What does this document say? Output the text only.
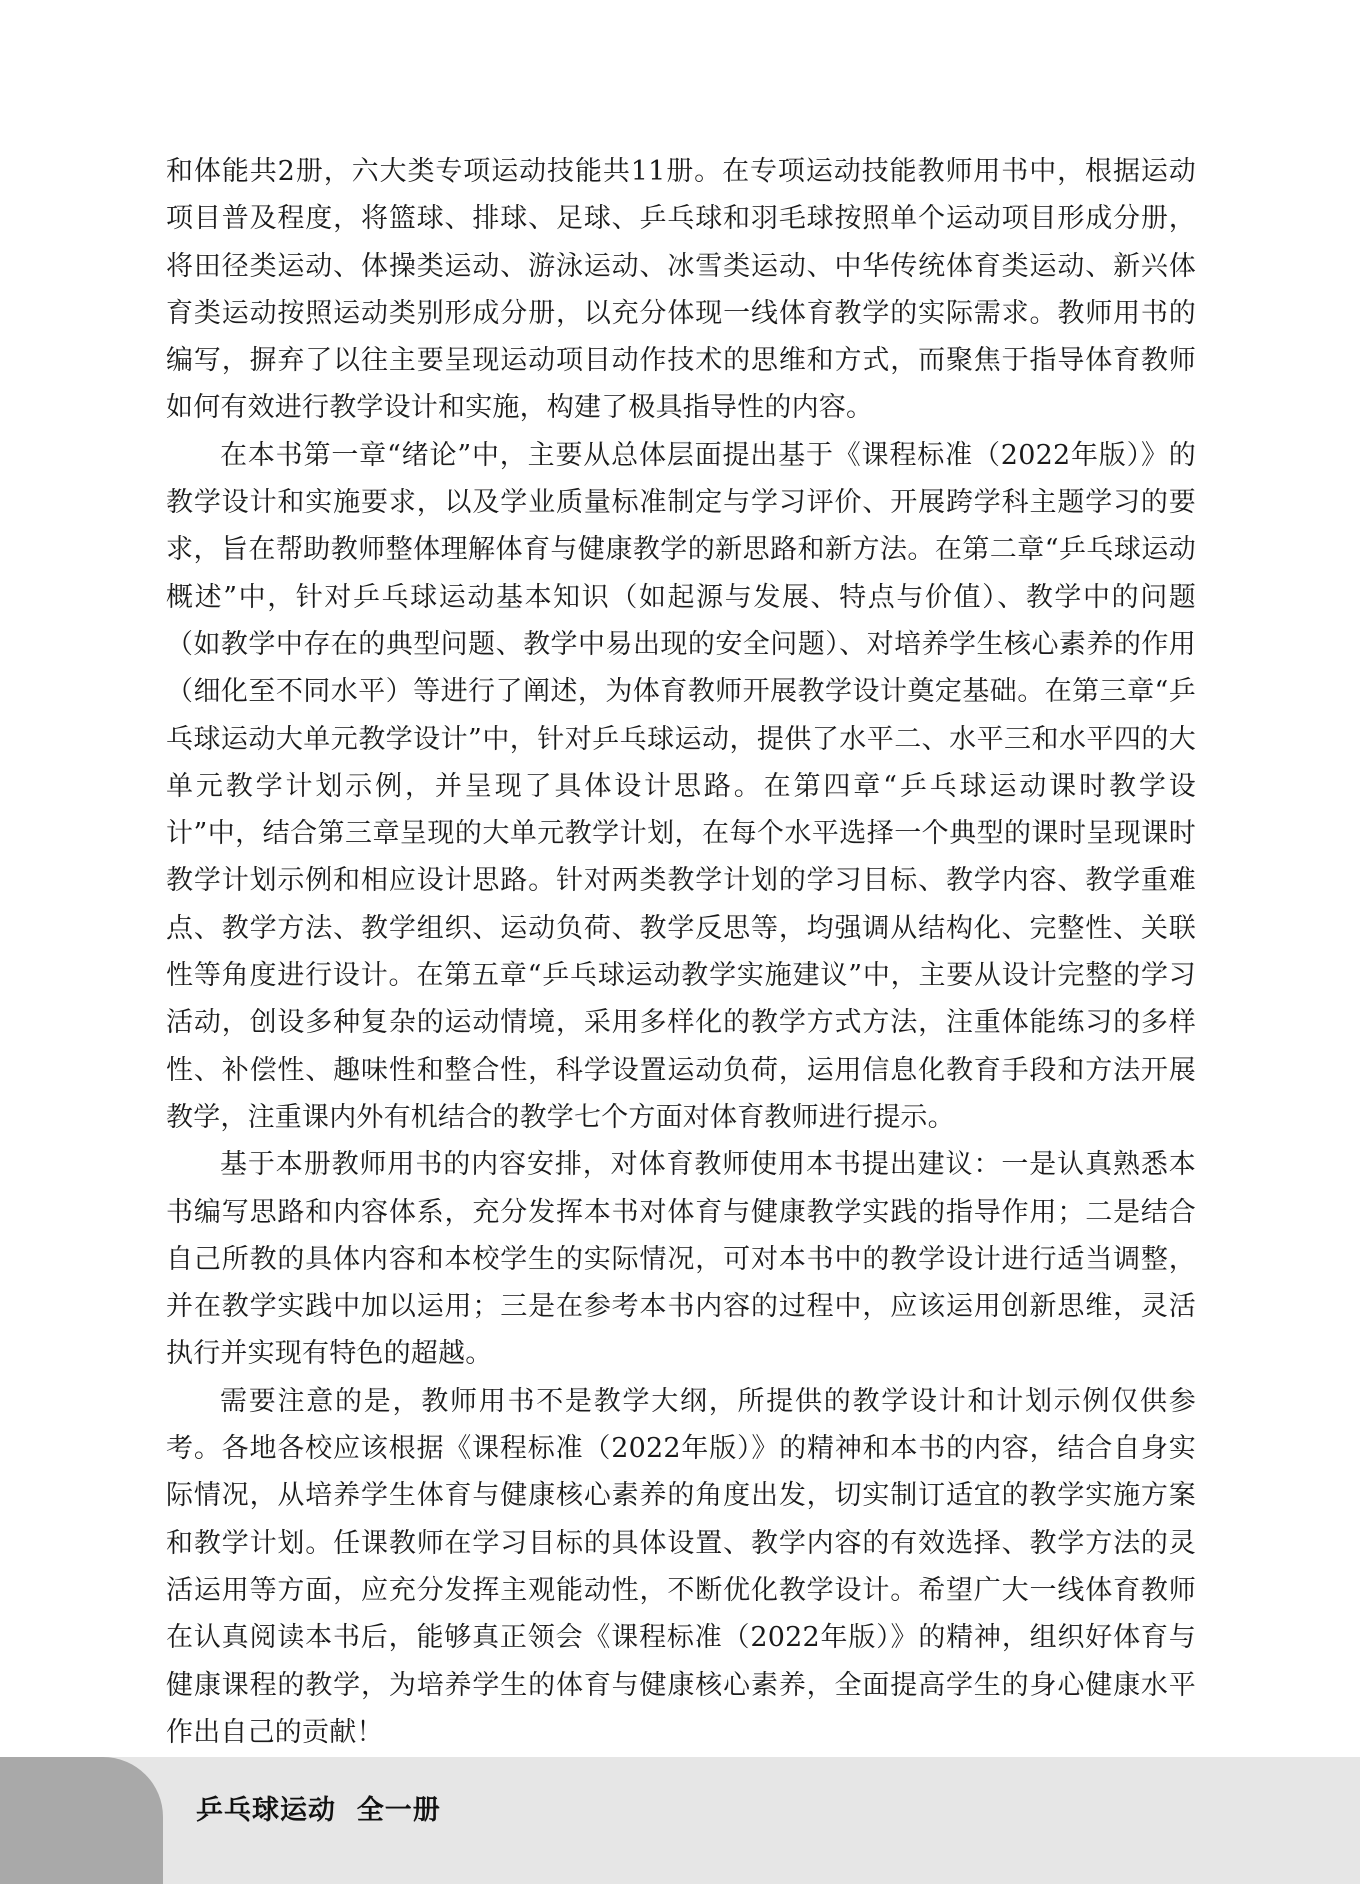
和体能共2册，六大类专项运动技能共11册。在专项运动技能教师用书中，根据运动项目普及程度，将篮球、排球、足球、乒乓球和羽毛球按照单个运动项目形成分册，将田径类运动、体操类运动、游泳运动、冰雪类运动、中华传统体育类运动、新兴体育类运动按照运动类别形成分册，以充分体现一线体育教学的实际需求。教师用书的编写，摒弃了以往主要呈现运动项目动作技术的思维和方式，而聚焦于指导体育教师如何有效进行教学设计和实施，构建了极具指导性的内容。

在本书第一章“绪论”中，主要从总体层面提出基于《课程标准（2022年版）》的教学设计和实施要求，以及学业质量标准制定与学习评价、开展跨学科主题学习的要求，旨在帮助教师整体理解体育与健康教学的新思路和新方法。在第二章“乒乓球运动概述”中，针对乒乓球运动基本知识（如起源与发展、特点与价值）、教学中的问题（如教学中存在的典型问题、教学中易出现的安全问题）、对培养学生核心素养的作用（细化至不同水平）等进行了阐述，为体育教师开展教学设计奠定基础。在第三章“乒乓球运动大单元教学设计”中，针对乒乓球运动，提供了水平二、水平三和水平四的大单元教学计划示例，并呈现了具体设计思路。在第四章“乒乓球运动课时教学设计”中，结合第三章呈现的大单元教学计划，在每个水平选择一个典型的课时呈现课时教学计划示例和相应设计思路。针对两类教学计划的学习目标、教学内容、教学重难点、教学方法、教学组织、运动负荷、教学反思等，均强调从结构化、完整性、关联性等角度进行设计。在第五章“乒乓球运动教学实施建议”中，主要从设计完整的学习活动，创设多种复杂的运动情境，采用多样化的教学方式方法，注重体能练习的多样性、补偿性、趣味性和整合性，科学设置运动负荷，运用信息化教育手段和方法开展教学，注重课内外有机结合的教学七个方面对体育教师进行提示。

基于本册教师用书的内容安排，对体育教师使用本书提出建议：一是认真熟悉本书编写思路和内容体系，充分发挥本书对体育与健康教学实践的指导作用；二是结合自己所教的具体内容和本校学生的实际情况，可对本书中的教学设计进行适当调整，并在教学实践中加以运用；三是在参考本书内容的过程中，应该运用创新思维，灵活执行并实现有特色的超越。

需要注意的是，教师用书不是教学大纲，所提供的教学设计和计划示例仅供参考。各地各校应该根据《课程标准（2022年版）》的精神和本书的内容，结合自身实际情况，从培养学生体育与健康核心素养的角度出发，切实制订适宜的教学实施方案和教学计划。任课教师在学习目标的具体设置、教学内容的有效选择、教学方法的灵活运用等方面，应充分发挥主观能动性，不断优化教学设计。希望广大一线体育教师在认真阅读本书后，能够真正领会《课程标准（2022年版）》的精神，组织好体育与健康课程的教学，为培养学生的体育与健康核心素养，全面提高学生的身心健康水平作出自己的贡献！

乒乓球运动  全一册
